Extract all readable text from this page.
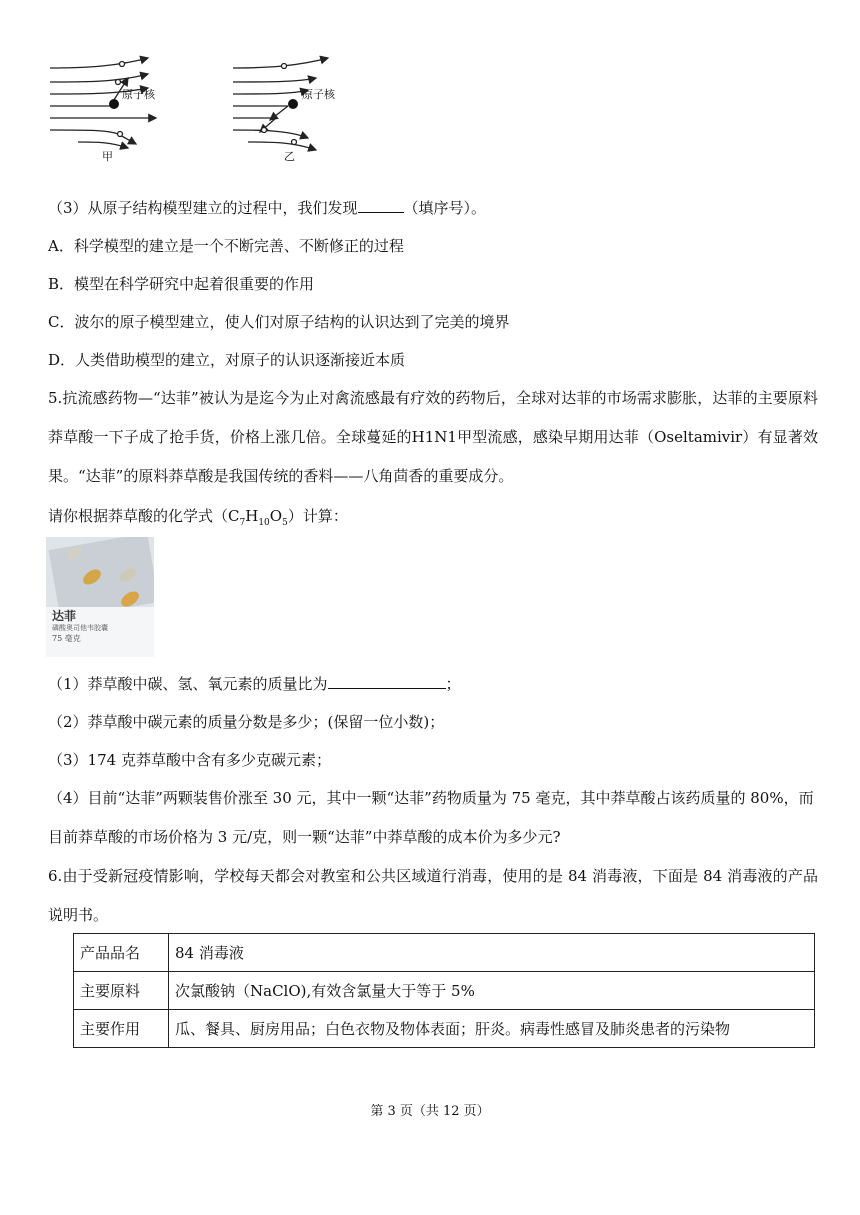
原子核
甲
原子核
乙
（3）从原子结构模型建立的过程中，我们发现	（填序号）。
A．科学模型的建立是一个不断完善、不断修正的过程
B．模型在科学研究中起着很重要的作用
C．波尔的原子模型建立，使人们对原子结构的认识达到了完美的境界
D．人类借助模型的建立，对原子的认识逐渐接近本质
5.抗流感药物—“达菲”被认为是迄今为止对禽流感最有疗效的药物后，全球对达菲的市场需求膨胀，达菲的主要原料莽草酸一下子成了抢手货，价格上涨几倍。全球蔓延的H1N1甲型流感，感染早期用达菲（Oseltamivir）有显著效果。“达菲”的原料莽草酸是我国传统的香料——八角茴香的重要成分。
请你根据莽草酸的化学式$(C_7H_{10}O_5)$计算：
达菲
磷酸奥司他韦胶囊
75 毫克
（1）莽草酸中碳、氢、氧元素的质量比为	；
（2）莽草酸中碳元素的质量分数是多少；(保留一位小数)；
（3）174 克莽草酸中含有多少克碳元素；
（4）目前“达菲”两颗装售价涨至 30 元，其中一颗“达菲”药物质量为 75 毫克，其中莽草酸占该药质量的 80%，而目前莽草酸的市场价格为 3 元/克，则一颗“达菲”中莽草酸的成本价为多少元?
6.由于受新冠疫情影响，学校每天都会对教室和公共区域道行消毒，使用的是 84 消毒液，下面是 84 消毒液的产品说明书。
产品品名	84 消毒液
主要原料	次氯酸钠（NaClO),有效含氯量大于等于 5%
主要作用	瓜、餐具、厨房用品；白色衣物及物体表面；肝炎。病毒性感冒及肺炎患者的污染物
第 3 页（共 12 页）
